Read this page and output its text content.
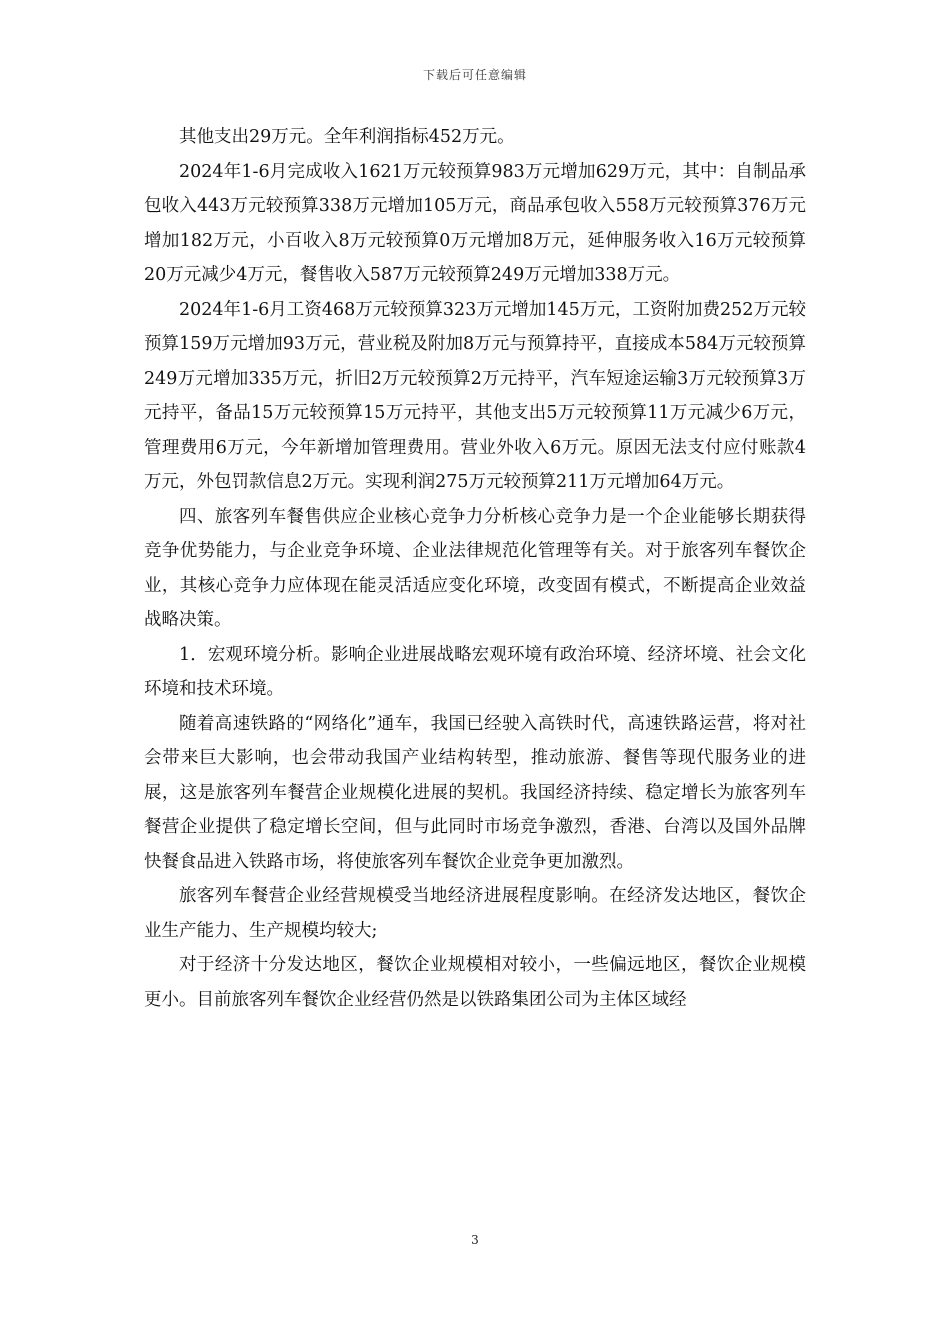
下载后可任意编辑

其他支出29万元。全年利润指标452万元。

2024年1-6月完成收入1621万元较预算983万元增加629万元，其中：自制品承包收入443万元较预算338万元增加105万元，商品承包收入558万元较预算376万元增加182万元，小百收入8万元较预算0万元增加8万元，延伸服务收入16万元较预算20万元减少4万元，餐售收入587万元较预算249万元增加338万元。

2024年1-6月工资468万元较预算323万元增加145万元，工资附加费252万元较预算159万元增加93万元，营业税及附加8万元与预算持平，直接成本584万元较预算249万元增加335万元，折旧2万元较预算2万元持平，汽车短途运输3万元较预算3万元持平，备品15万元较预算15万元持平，其他支出5万元较预算11万元减少6万元，管理费用6万元，今年新增加管理费用。营业外收入6万元。原因无法支付应付账款4万元，外包罚款信息2万元。实现利润275万元较预算211万元增加64万元。

四、旅客列车餐售供应企业核心竞争力分析核心竞争力是一个企业能够长期获得竞争优势能力，与企业竞争环境、企业法律规范化管理等有关。对于旅客列车餐饮企业，其核心竞争力应体现在能灵活适应变化环境，改变固有模式，不断提高企业效益战略决策。

1．宏观环境分析。影响企业进展战略宏观环境有政治环境、经济坏境、社会文化环境和技术环境。

随着高速铁路的“网络化”通车，我国已经驶入高铁时代，高速铁路运营，将对社会带来巨大影响，也会带动我国产业结构转型，推动旅游、餐售等现代服务业的进展，这是旅客列车餐营企业规模化进展的契机。我国经济持续、稳定增长为旅客列车餐营企业提供了稳定增长空间，但与此同时市场竞争激烈，香港、台湾以及国外品牌快餐食品进入铁路市场，将使旅客列车餐饮企业竞争更加激烈。

旅客列车餐营企业经营规模受当地经济进展程度影响。在经济发达地区，餐饮企业生产能力、生产规模均较大;

对于经济十分发达地区，餐饮企业规模相对较小，一些偏远地区，餐饮企业规模更小。目前旅客列车餐饮企业经营仍然是以铁路集团公司为主体区域经

3
